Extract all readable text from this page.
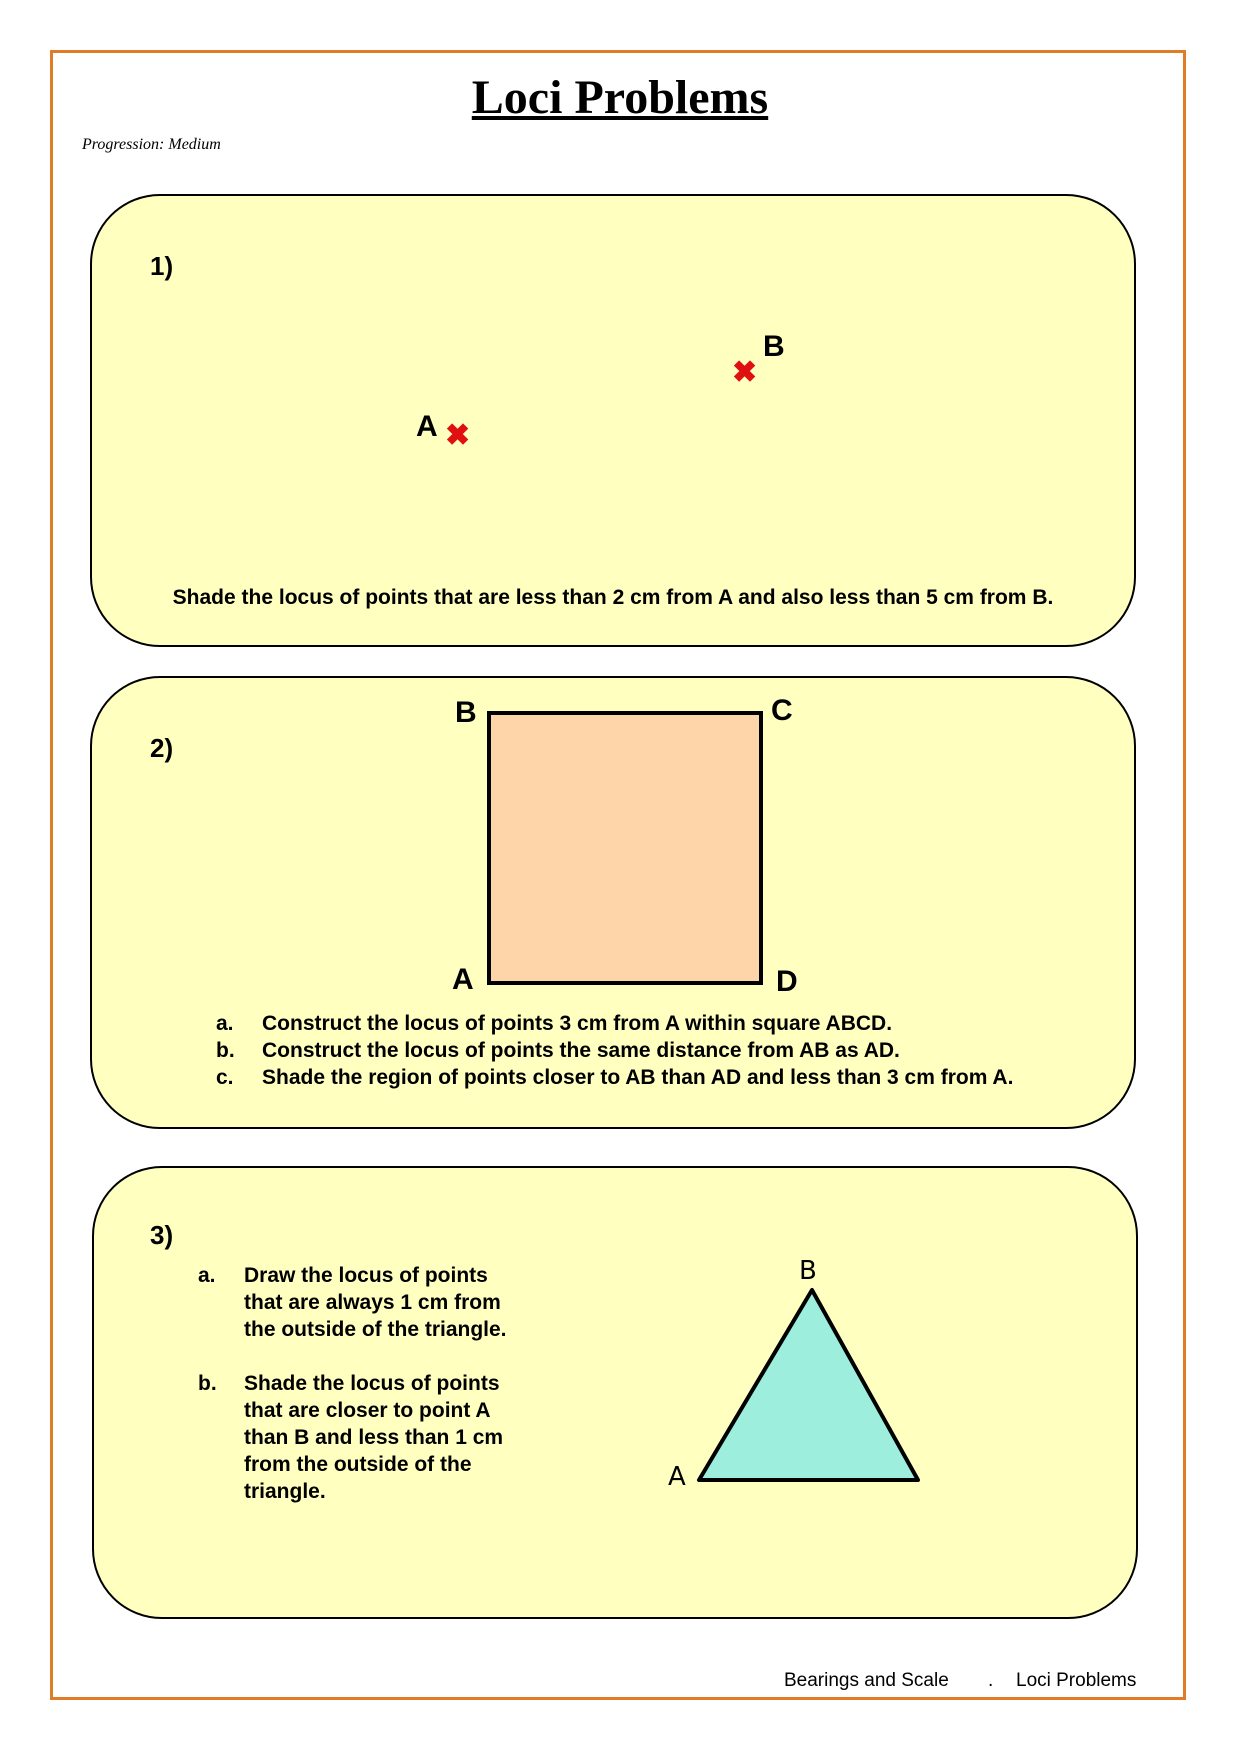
Loci Problems
Progression: Medium
1)
A ✖
B
✖
Shade the locus of points that are less than 2 cm from A and also less than 5 cm from B.
2)
B	C
A	D
a.	Construct the locus of points 3 cm from A within square ABCD.
b.	Construct the locus of points the same distance from AB as AD.
c.	Shade the region of points closer to AB than AD and less than 3 cm from A.
3)
a.	Draw the locus of points
that are always 1 cm from
the outside of the triangle.
b.	Shade the locus of points
that are closer to point A
than B and less than 1 cm
from the outside of the
triangle.
B
A
Bearings and Scale . Loci Problems
